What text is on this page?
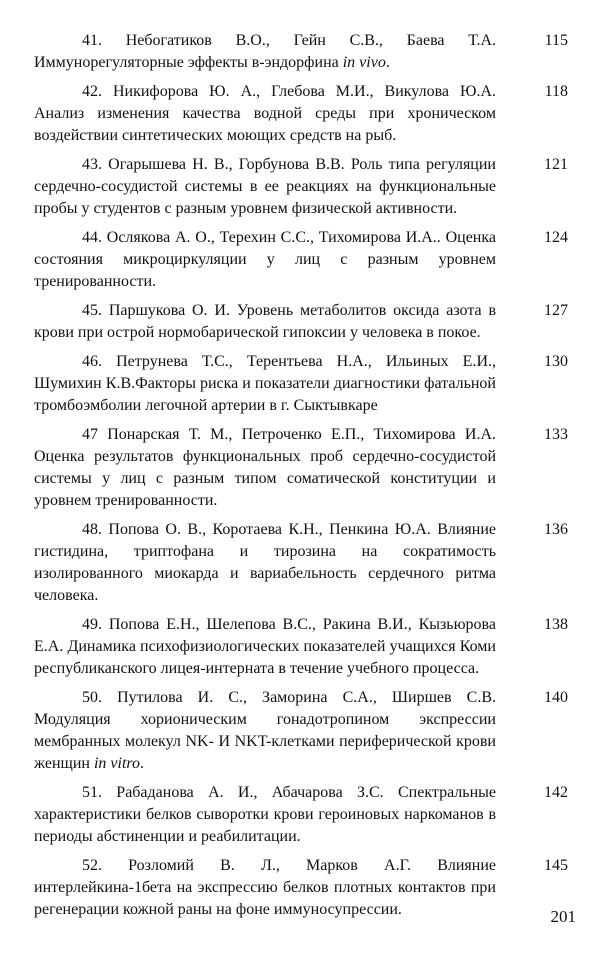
41. Небогатиков В.О., Гейн С.В., Баева Т.А. Иммунорегуляторные эффекты в-эндорфина in vivo.
115
42. Никифорова Ю. А., Глебова М.И., Викулова Ю.А. Анализ изменения качества водной среды при хроническом воздействии синтетических моющих средств на рыб.
118
43. Огарышева Н. В., Горбунова В.В. Роль типа регуляции сердечно-сосудистой системы в ее реакциях на функциональные пробы у студентов с разным уровнем физической активности.
121
44. Ослякова А. О., Терехин С.С., Тихомирова И.А.. Оценка состояния микроциркуляции у лиц с разным уровнем тренированности.
124
45. Паршукова О. И. Уровень метаболитов оксида азота в крови при острой нормобарической гипоксии у человека в покое.
127
46. Петрунева Т.С., Терентьева Н.А., Ильиных Е.И., Шумихин К.В.Факторы риска и показатели диагностики фатальной тромбоэмболии легочной артерии в г. Сыктывкаре
130
47 Понарская Т. М., Петроченко Е.П., Тихомирова И.А. Оценка результатов функциональных проб сердечно-сосудистой системы у лиц с разным типом соматической конституции и уровнем тренированности.
133
48. Попова О. В., Коротаева К.Н., Пенкина Ю.А. Влияние гистидина, триптофана и тирозина на сократимость изолированного миокарда и вариабельность сердечного ритма человека.
136
49. Попова Е.Н., Шелепова В.С., Ракина В.И., Кызьюрова Е.А. Динамика психофизиологических показателей учащихся Коми республиканского лицея-интерната в течение учебного процесса.
138
50. Путилова И. С., Заморина С.А., Ширшев С.В. Модуляция хорионическим гонадотропином экспрессии мембранных молекул NK- И NKT-клетками периферической крови женщин in vitro.
140
51. Рабаданова А. И., Абачарова З.С. Спектральные характеристики белков сыворотки крови героиновых наркоманов в периоды абстиненции и реабилитации.
142
52. Розломий В. Л., Марков А.Г. Влияние интерлейкина-1бета на экспрессию белков плотных контактов при регенерации кожной раны на фоне иммуносупрессии.
145
201
